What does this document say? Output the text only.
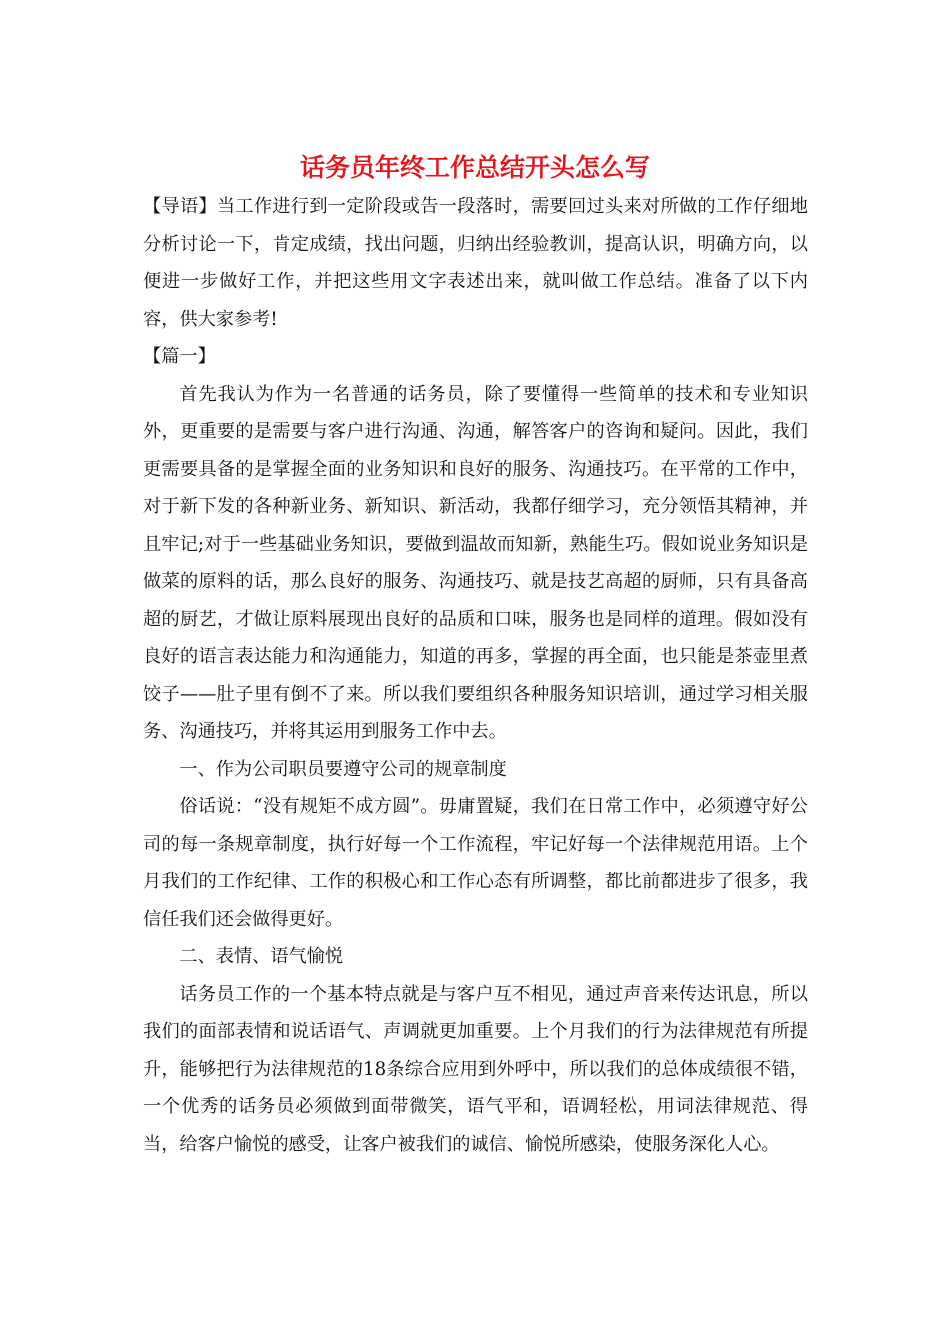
话务员年终工作总结开头怎么写

【导语】当工作进行到一定阶段或告一段落时，需要回过头来对所做的工作仔细地分析讨论一下，肯定成绩，找出问题，归纳出经验教训，提高认识，明确方向，以便进一步做好工作，并把这些用文字表述出来，就叫做工作总结。准备了以下内容，供大家参考!

【篇一】

首先我认为作为一名普通的话务员，除了要懂得一些简单的技术和专业知识外，更重要的是需要与客户进行沟通、沟通，解答客户的咨询和疑问。因此，我们更需要具备的是掌握全面的业务知识和良好的服务、沟通技巧。在平常的工作中，对于新下发的各种新业务、新知识、新活动，我都仔细学习，充分领悟其精神，并且牢记;对于一些基础业务知识，要做到温故而知新，熟能生巧。假如说业务知识是做菜的原料的话，那么良好的服务、沟通技巧、就是技艺高超的厨师，只有具备高超的厨艺，才做让原料展现出良好的品质和口味，服务也是同样的道理。假如没有良好的语言表达能力和沟通能力，知道的再多，掌握的再全面，也只能是茶壶里煮饺子——肚子里有倒不了来。所以我们要组织各种服务知识培训，通过学习相关服务、沟通技巧，并将其运用到服务工作中去。

一、作为公司职员要遵守公司的规章制度

俗话说：“没有规矩不成方圆”。毋庸置疑，我们在日常工作中，必须遵守好公司的每一条规章制度，执行好每一个工作流程，牢记好每一个法律规范用语。上个月我们的工作纪律、工作的积极心和工作心态有所调整，都比前都进步了很多，我信任我们还会做得更好。

二、表情、语气愉悦

话务员工作的一个基本特点就是与客户互不相见，通过声音来传达讯息，所以我们的面部表情和说话语气、声调就更加重要。上个月我们的行为法律规范有所提升，能够把行为法律规范的18条综合应用到外呼中，所以我们的总体成绩很不错，一个优秀的话务员必须做到面带微笑，语气平和，语调轻松，用词法律规范、得当，给客户愉悦的感受，让客户被我们的诚信、愉悦所感染，使服务深化人心。
